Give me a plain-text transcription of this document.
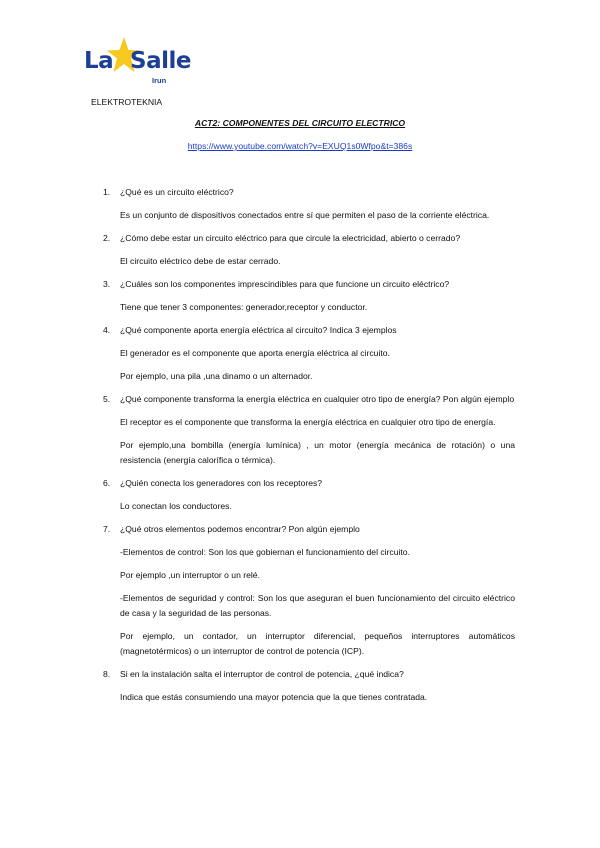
La Salle
Irun
ELEKTROTEKNIA
ACT2: COMPONENTES DEL CIRCUITO ELECTRICO
https://www.youtube.com/watch?v=EXUQ1s0Wfpo&t=386s
1. ¿Qué es un circuito eléctrico?
Es un conjunto de dispositivos conectados entre sí que permiten el paso de la corriente eléctrica.
2. ¿Cómo debe estar un circuito eléctrico para que circule la electricidad, abierto o cerrado?
El circuito eléctrico debe de estar cerrado.
3. ¿Cuáles son los componentes imprescindibles para que funcione un circuito eléctrico?
Tiene que tener 3 componentes: generador,receptor y conductor.
4. ¿Qué componente aporta energía eléctrica al circuito? Indica 3 ejemplos
El generador es el componente que aporta energía eléctrica al circuito.
Por ejemplo, una pila ,una dinamo o un alternador.
5. ¿Qué componente transforma la energía eléctrica en cualquier otro tipo de energía? Pon algún ejemplo
El receptor es el componente que transforma la energía eléctrica en cualquier otro tipo de energía.
Por ejemplo,una bombilla (energía lumínica) , un motor (energía mecánica de rotación) o una resistencia (energía calorífica o térmica).
6. ¿Quién conecta los generadores con los receptores?
Lo conectan los conductores.
7. ¿Qué otros elementos podemos encontrar? Pon algún ejemplo
-Elementos de control: Son los que gobiernan el funcionamiento del circuito.
Por ejemplo ,un interruptor o un relé.
-Elementos de seguridad y control: Son los que aseguran el buen funcionamiento del circuito eléctrico de casa y la seguridad de las personas.
Por ejemplo, un contador, un interruptor diferencial, pequeños interruptores automáticos (magnetotérmicos) o un interruptor de control de potencia (ICP).
8. Si en la instalación salta el interruptor de control de potencia, ¿qué indica?
Indica que estás consumiendo una mayor potencia que la que tienes contratada.
